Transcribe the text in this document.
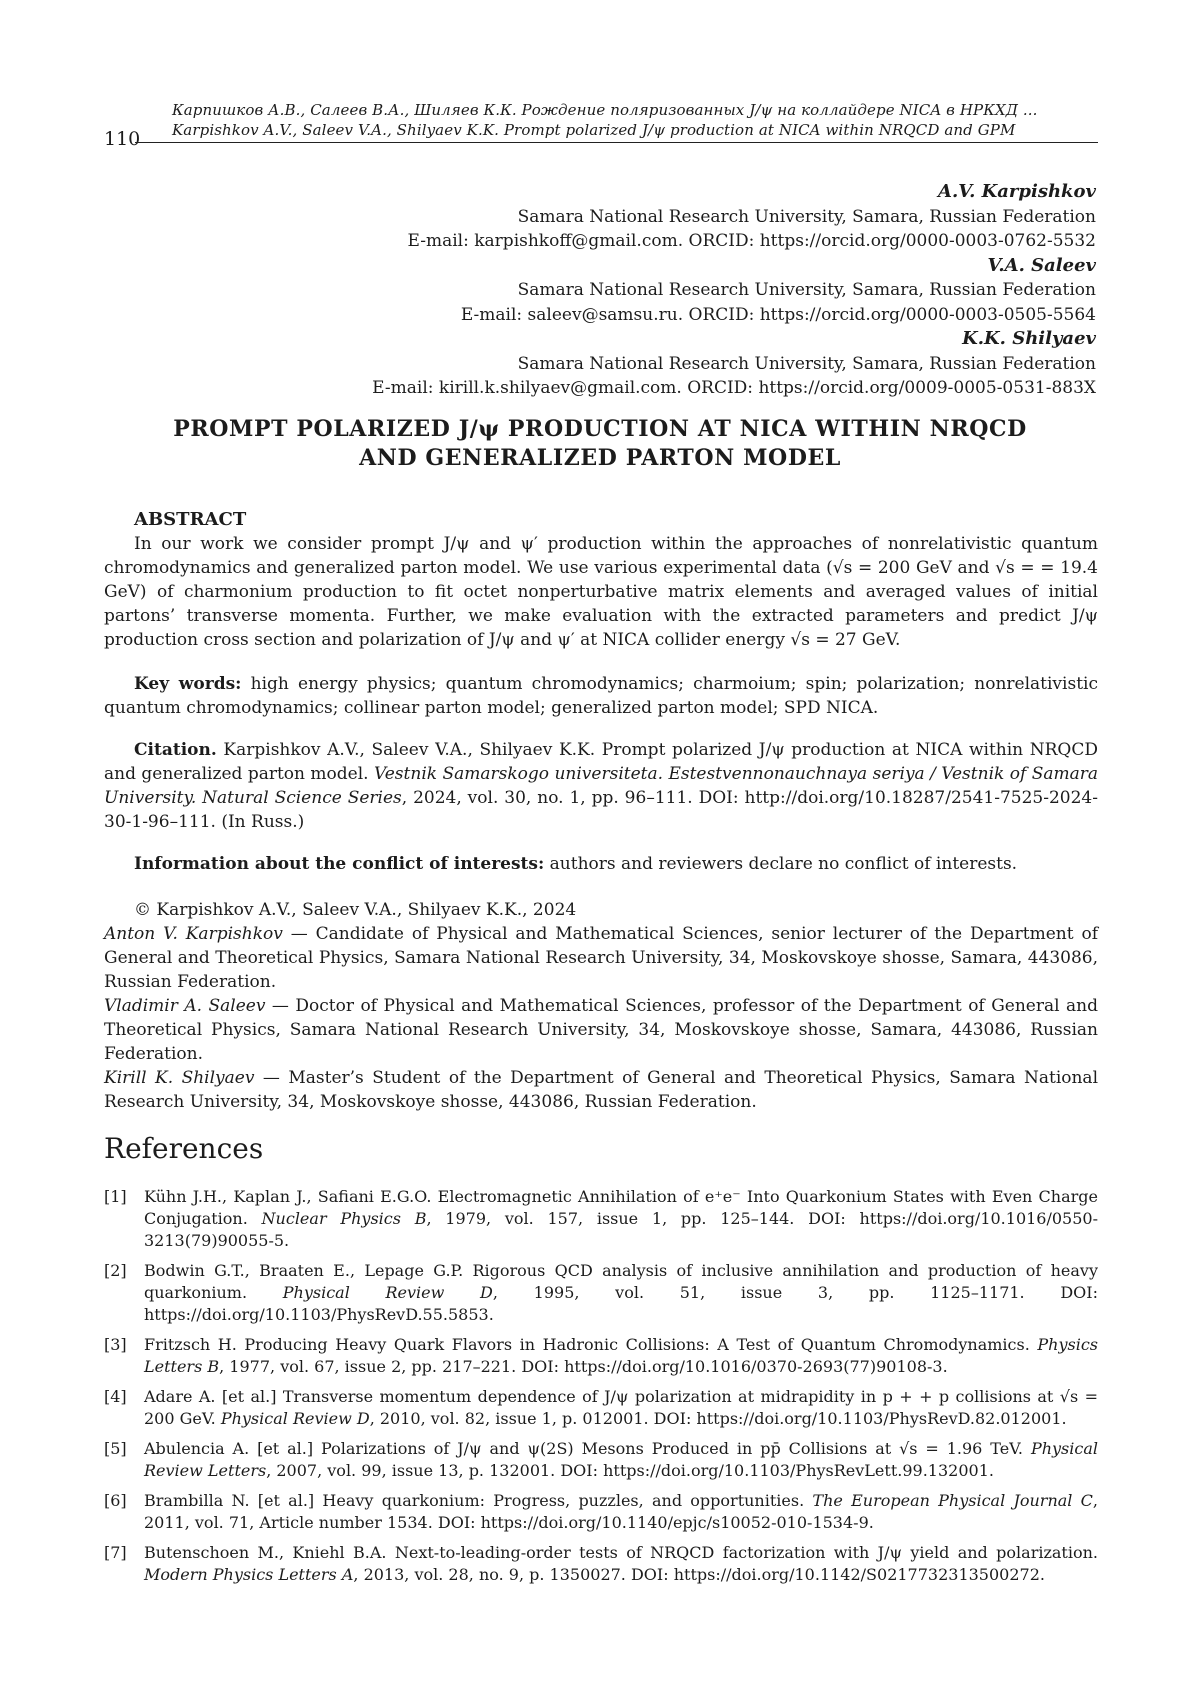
110
Карпишков А.В., Салеев В.А., Шиляев К.К. Рождение поляризованных J/ψ на коллайдере NICA в НРКХД ...
Karpishkov A.V., Saleev V.A., Shilyaev K.K. Prompt polarized J/ψ production at NICA within NRQCD and GPM
A.V. Karpishkov
Samara National Research University, Samara, Russian Federation
E-mail: karpishkoff@gmail.com. ORCID: https://orcid.org/0000-0003-0762-5532
V.A. Saleev
Samara National Research University, Samara, Russian Federation
E-mail: saleev@samsu.ru. ORCID: https://orcid.org/0000-0003-0505-5564
K.K. Shilyaev
Samara National Research University, Samara, Russian Federation
E-mail: kirill.k.shilyaev@gmail.com. ORCID: https://orcid.org/0009-0005-0531-883X
PROMPT POLARIZED J/ψ PRODUCTION AT NICA WITHIN NRQCD
AND GENERALIZED PARTON MODEL
ABSTRACT
In our work we consider prompt J/ψ and ψ′ production within the approaches of nonrelativistic quantum chromodynamics and generalized parton model. We use various experimental data (√s = 200 GeV and √s = = 19.4 GeV) of charmonium production to fit octet nonperturbative matrix elements and averaged values of initial partons’ transverse momenta. Further, we make evaluation with the extracted parameters and predict J/ψ production cross section and polarization of J/ψ and ψ′ at NICA collider energy √s = 27 GeV.
Key words: high energy physics; quantum chromodynamics; charmoium; spin; polarization; nonrelativistic quantum chromodynamics; collinear parton model; generalized parton model; SPD NICA.
Citation. Karpishkov A.V., Saleev V.A., Shilyaev K.K. Prompt polarized J/ψ production at NICA within NRQCD and generalized parton model. Vestnik Samarskogo universiteta. Estestvennonauchnaya seriya / Vestnik of Samara University. Natural Science Series, 2024, vol. 30, no. 1, pp. 96–111. DOI: http://doi.org/10.18287/2541-7525-2024-30-1-96–111. (In Russ.)
Information about the conflict of interests: authors and reviewers declare no conflict of interests.
© Karpishkov A.V., Saleev V.A., Shilyaev K.K., 2024
Anton V. Karpishkov — Candidate of Physical and Mathematical Sciences, senior lecturer of the Department of General and Theoretical Physics, Samara National Research University, 34, Moskovskoye shosse, Samara, 443086, Russian Federation.
Vladimir A. Saleev — Doctor of Physical and Mathematical Sciences, professor of the Department of General and Theoretical Physics, Samara National Research University, 34, Moskovskoye shosse, Samara, 443086, Russian Federation.
Kirill K. Shilyaev — Master’s Student of the Department of General and Theoretical Physics, Samara National Research University, 34, Moskovskoye shosse, 443086, Russian Federation.
References
[1]	Kühn J.H., Kaplan J., Safiani E.G.O. Electromagnetic Annihilation of e⁺e⁻ Into Quarkonium States with Even Charge Conjugation. Nuclear Physics B, 1979, vol. 157, issue 1, pp. 125–144. DOI: https://doi.org/10.1016/0550-3213(79)90055-5.
[2]	Bodwin G.T., Braaten E., Lepage G.P. Rigorous QCD analysis of inclusive annihilation and production of heavy quarkonium. Physical Review D, 1995, vol. 51, issue 3, pp. 1125–1171. DOI: https://doi.org/10.1103/PhysRevD.55.5853.
[3]	Fritzsch H. Producing Heavy Quark Flavors in Hadronic Collisions: A Test of Quantum Chromodynamics. Physics Letters B, 1977, vol. 67, issue 2, pp. 217–221. DOI: https://doi.org/10.1016/0370-2693(77)90108-3.
[4]	Adare A. [et al.] Transverse momentum dependence of J/ψ polarization at midrapidity in p + + p collisions at √s = 200 GeV. Physical Review D, 2010, vol. 82, issue 1, p. 012001. DOI: https://doi.org/10.1103/PhysRevD.82.012001.
[5]	Abulencia A. [et al.] Polarizations of J/ψ and ψ(2S) Mesons Produced in pp̄ Collisions at √s = 1.96 TeV. Physical Review Letters, 2007, vol. 99, issue 13, p. 132001. DOI: https://doi.org/10.1103/PhysRevLett.99.132001.
[6]	Brambilla N. [et al.] Heavy quarkonium: Progress, puzzles, and opportunities. The European Physical Journal C, 2011, vol. 71, Article number 1534. DOI: https://doi.org/10.1140/epjc/s10052-010-1534-9.
[7]	Butenschoen M., Kniehl B.A. Next-to-leading-order tests of NRQCD factorization with J/ψ yield and polarization. Modern Physics Letters A, 2013, vol. 28, no. 9, p. 1350027. DOI: https://doi.org/10.1142/S0217732313500272.
